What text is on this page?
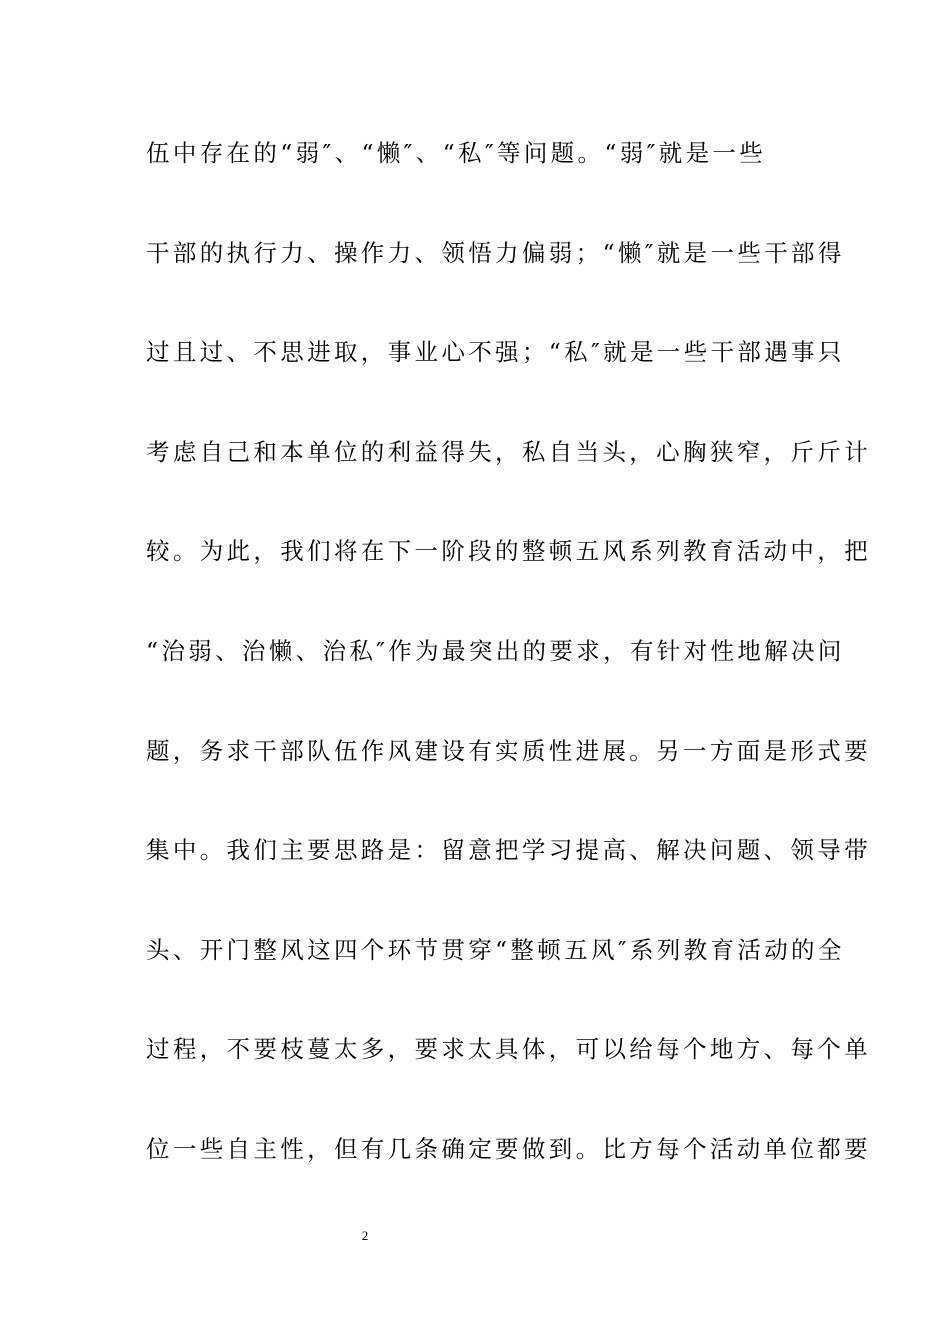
伍中存在的“弱″、“懒″、“私″等问题。“弱″就是一些
干部的执行力、操作力、领悟力偏弱；“懒″就是一些干部得
过且过、不思进取，事业心不强；“私″就是一些干部遇事只
考虑自己和本单位的利益得失，私自当头，心胸狭窄，斤斤计
较。为此，我们将在下一阶段的整顿五风系列教育活动中，把
“治弱、治懒、治私″作为最突出的要求，有针对性地解决问
题，务求干部队伍作风建设有实质性进展。另一方面是形式要
集中。我们主要思路是：留意把学习提高、解决问题、领导带
头、开门整风这四个环节贯穿“整顿五风″系列教育活动的全
过程，不要枝蔓太多，要求太具体，可以给每个地方、每个单
位一些自主性，但有几条确定要做到。比方每个活动单位都要
2
